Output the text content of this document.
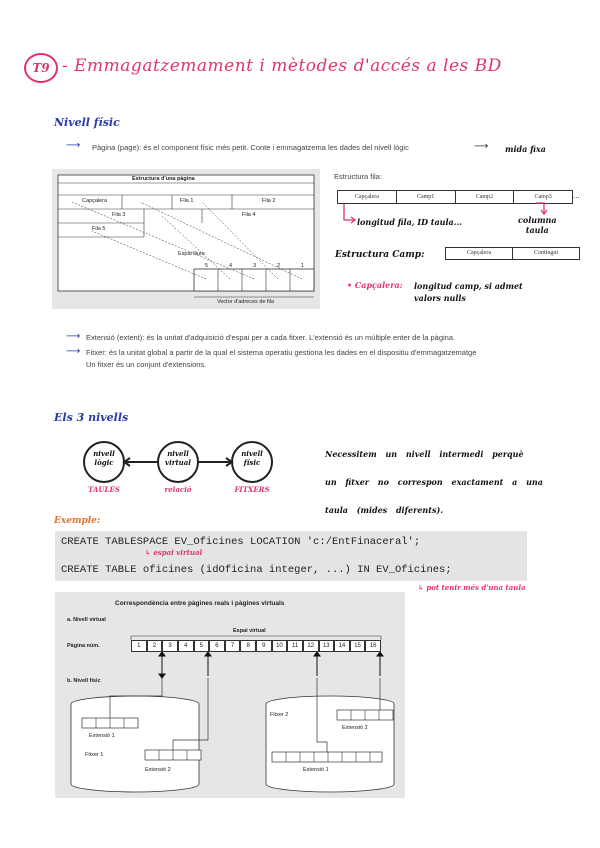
T9 - Emmagatzemament i mètodes d'accés a les BD
Nivell físic
⟶ Pàgina (page): és el component físic més petit. Conte i emmagatzema les dades del nivell lògic	⟶ mida fixa
Estructura d'una pàgina
Capçalera	Fila 1	Fila 2
Fila 3	Fila 4
Fila 5
Espai lliure
5	4	3	2	1
Vector d'adreces de fila
Estructura fila:
Capçalera	Camp1	Camp2	Camp3	...
longitud fila, ID taula...	columna
taula
Estructura Camp:	Capçalera	Contingut
• Capçalera: longitud camp, si admet
valors nulls
⟶ Extensió (extent): és la unitat d'adquisició d'espai per a cada fitxer. L'extensió és un múltiple enter de la pàgina.
⟶ Fitxer: és la unitat global a partir de la qual el sistema operatiu gestiona les dades en el dispositiu d'emmagatzematge
Un fitxer és un conjunt d'extensions.
Els 3 nivells
nivell
lògic
nivell
virtual
nivell
físic
TAULES	relació	FITXERS
Necessitem un nivell intermedi perquè
un fitxer no correspon exactament a una
taula (mides diferents).
Exemple:
CREATE TABLESPACE EV_Oficines LOCATION 'c:/EntFinaceral';
CREATE TABLE oficines (idOficina integer, ...) IN EV_Oficines;
↳ espai virtual
↳ pot tenir més d'una taula
Correspondència entre pàgines reals i pàgines virtuals
a. Nivell virtual
Espai virtual
Pàgina núm.	1	2	3	4	5	6	7	8	9	10	11	12	13	14	15	16
b. Nivell físic
Extensió 1
Fitxer 1
Extensió 2
Fitxer 2
Extensió 2
Extensió 1
